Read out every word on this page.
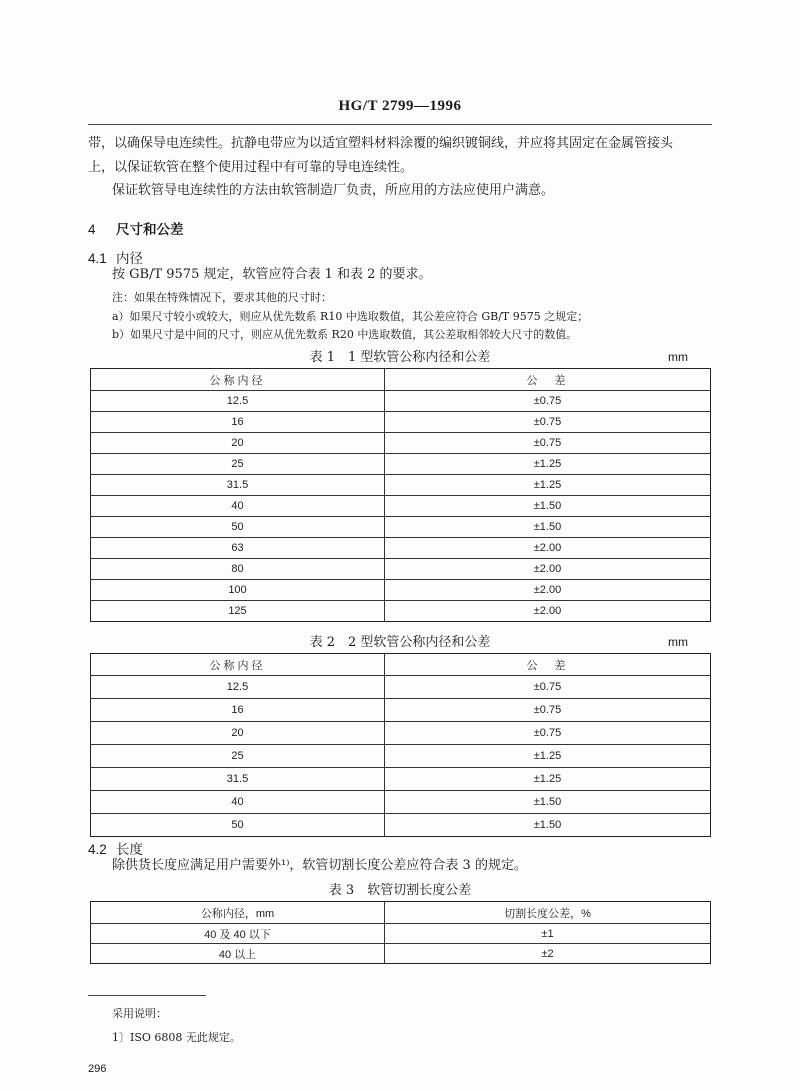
HG/T 2799—1996
带，以确保导电连续性。抗静电带应为以适宜塑料材料涂覆的编织镀铜线，并应将其固定在金属管接头
上，以保证软管在整个使用过程中有可靠的导电连续性。
保证软管导电连续性的方法由软管制造厂负责，所应用的方法应使用户满意。
4 尺寸和公差
4.1 内径
按 GB/T 9575 规定，软管应符合表 1 和表 2 的要求。
注：如果在特殊情况下，要求其他的尺寸时：
a）如果尺寸较小或较大，则应从优先数系 R10 中选取数值，其公差应符合 GB/T 9575 之规定；
b）如果尺寸是中间的尺寸，则应从优先数系 R20 中选取数值，其公差取相邻较大尺寸的数值。
表 1　1 型软管公称内径和公差	mm
公称内径	公　差
12.5	±0.75
16	±0.75
20	±0.75
25	±1.25
31.5	±1.25
40	±1.50
50	±1.50
63	±2.00
80	±2.00
100	±2.00
125	±2.00
表 2　2 型软管公称内径和公差	mm
公称内径	公　差
12.5	±0.75
16	±0.75
20	±0.75
25	±1.25
31.5	±1.25
40	±1.50
50	±1.50
4.2 长度
除供货长度应满足用户需要外¹⁾，软管切割长度公差应符合表 3 的规定。
表 3　软管切割长度公差
公称内径，mm	切割长度公差，%
40 及 40 以下	±1
40 以上	±2
采用说明：
1〕ISO 6808 无此规定。
296
